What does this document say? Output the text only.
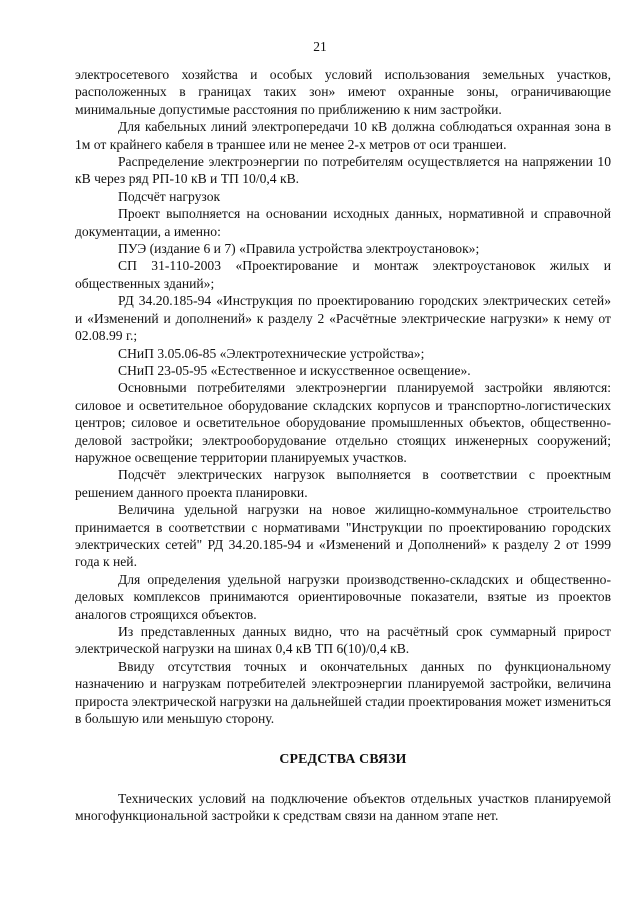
21

электросетевого хозяйства и особых условий использования земельных участков, расположенных в границах таких зон» имеют охранные зоны, ограничивающие минимальные допустимые расстояния по приближению к ним застройки.

Для кабельных линий электропередачи 10 кВ должна соблюдаться охранная зона в 1м от крайнего кабеля в траншее или не менее 2-х метров от оси траншеи.

Распределение электроэнергии по потребителям осуществляется на напряжении 10 кВ через ряд РП-10 кВ и ТП 10/0,4 кВ.

Подсчёт нагрузок

Проект выполняется на основании исходных данных, нормативной и справочной документации, а именно:

ПУЭ (издание 6 и 7) «Правила устройства электроустановок»;

СП 31-110-2003 «Проектирование и монтаж электроустановок жилых и общественных зданий»;

РД 34.20.185-94 «Инструкция по проектированию городских электрических сетей» и «Изменений и дополнений» к разделу 2 «Расчётные электрические нагрузки» к нему от 02.08.99 г.;

СНиП 3.05.06-85 «Электротехнические устройства»;

СНиП 23-05-95 «Естественное и искусственное освещение».

Основными потребителями электроэнергии планируемой застройки являются: силовое и осветительное оборудование складских корпусов и транспортно-логистических центров; силовое и осветительное оборудование промышленных объектов, общественно-деловой застройки; электрооборудование отдельно стоящих инженерных сооружений; наружное освещение территории планируемых участков.

Подсчёт электрических нагрузок выполняется в соответствии с проектным решением данного проекта планировки.

Величина удельной нагрузки на новое жилищно-коммунальное строительство принимается в соответствии с нормативами "Инструкции по проектированию городских электрических сетей" РД 34.20.185-94 и «Изменений и Дополнений» к разделу 2 от 1999 года к ней.

Для определения удельной нагрузки производственно-складских и общественно-деловых комплексов принимаются ориентировочные показатели, взятые из проектов аналогов строящихся объектов.

Из представленных данных видно, что на расчётный срок суммарный прирост электрической нагрузки на шинах 0,4 кВ ТП 6(10)/0,4 кВ.

Ввиду отсутствия точных и окончательных данных по функциональному назначению и нагрузкам потребителей электроэнергии планируемой застройки, величина прироста электрической нагрузки на дальнейшей стадии проектирования может измениться в большую или меньшую сторону.

СРЕДСТВА СВЯЗИ

Технических условий на подключение объектов отдельных участков планируемой многофункциональной застройки к средствам связи на данном этапе нет.
